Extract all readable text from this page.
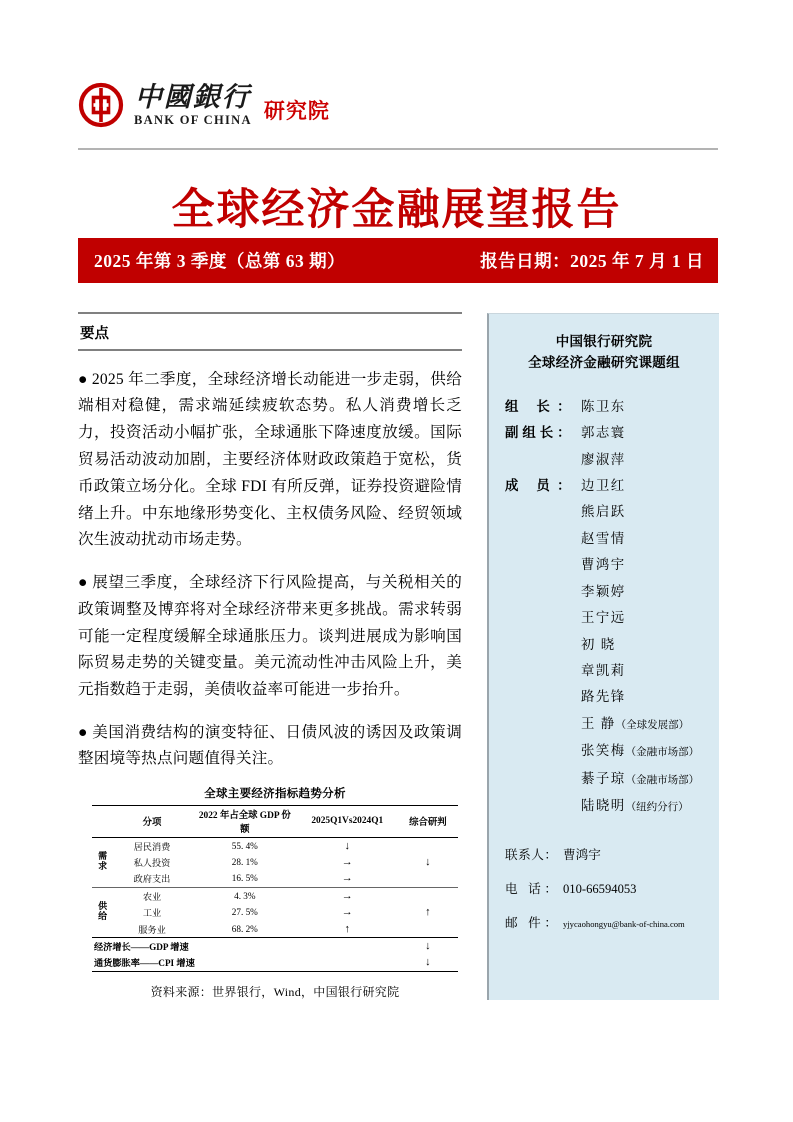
中國銀行
BANK OF CHINA 研究院
全球经济金融展望报告
2025 年第 3 季度（总第 63 期）	报告日期：2025 年 7 月 1 日
要点

● 2025 年二季度，全球经济增长动能进一步走弱，供给端相对稳健，需求端延续疲软态势。私人消费增长乏力，投资活动小幅扩张，全球通胀下降速度放缓。国际贸易活动波动加剧，主要经济体财政政策趋于宽松，货币政策立场分化。全球 FDI 有所反弹，证券投资避险情绪上升。中东地缘形势变化、主权债务风险、经贸领域次生波动扰动市场走势。

● 展望三季度，全球经济下行风险提高，与关税相关的政策调整及博弈将对全球经济带来更多挑战。需求转弱可能一定程度缓解全球通胀压力。谈判进展成为影响国际贸易走势的关键变量。美元流动性冲击风险上升，美元指数趋于走弱，美债收益率可能进一步抬升。

● 美国消费结构的演变特征、日债风波的诱因及政策调整困境等热点问题值得关注。

全球主要经济指标趋势分析
	分项	2022 年占全球 GDP 份额	2025Q1Vs2024Q1	综合研判
需求	居民消费	55. 4%	↓	↓
	私人投资	28. 1%	→	
	政府支出	16. 5%	→	
供给	农业	4. 3%	→	↑
	工业	27. 5%	→	
	服务业	68. 2%	↑	
经济增长——GDP 增速				↓
通货膨胀率——CPI 增速				↓

资料来源：世界银行，Wind，中国银行研究院
中国银行研究院
全球经济金融研究课题组
组 长： 陈卫东
副组长： 郭志寰
廖淑萍
成 员： 边卫红
熊启跃
赵雪情
曹鸿宇
李颖婷
王宁远
初 晓
章凯莉
路先锋
王 静（全球发展部）
张笑梅（金融市场部）
綦子琼（金融市场部）
陆晓明（纽约分行）
联系人： 曹鸿宇
电 话： 010-66594053
邮 件： yjycaohongyu@bank-of-china.com
